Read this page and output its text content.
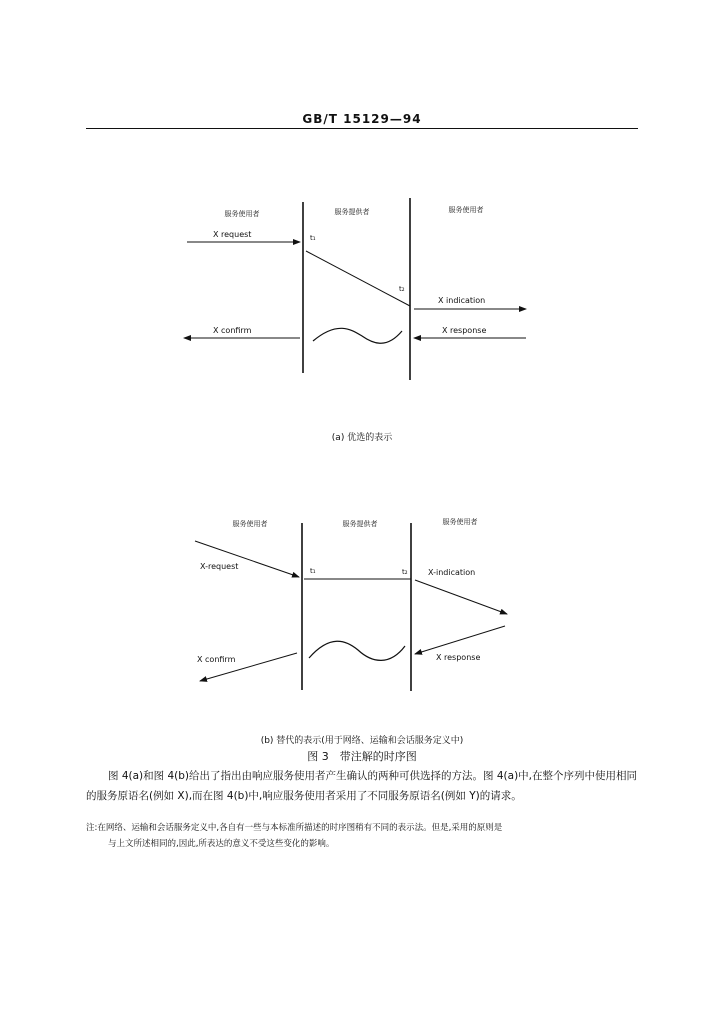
GB/T 15129—94
服务使用者	服务提供者	服务使用者
t₁
t₂
X request
X indication
X response
X confirm
服务使用者	服务提供者	服务使用者
X-request	t₁	t₂	X-indication
X response
X confirm
(a) 优选的表示
(b) 替代的表示(用于网络、运输和会话服务定义中)
图 3　带注解的时序图
图 4(a)和图 4(b)给出了指出由响应服务使用者产生确认的两种可供选择的方法。图 4(a)中,在整个序列中使用相同的服务原语名(例如 X),而在图 4(b)中,响应服务使用者采用了不同服务原语名(例如 Y)的请求。
注:在网络、运输和会话服务定义中,各自有一些与本标准所描述的时序图稍有不同的表示法。但是,采用的原则是
与上文所述相同的,因此,所表达的意义不受这些变化的影响。
